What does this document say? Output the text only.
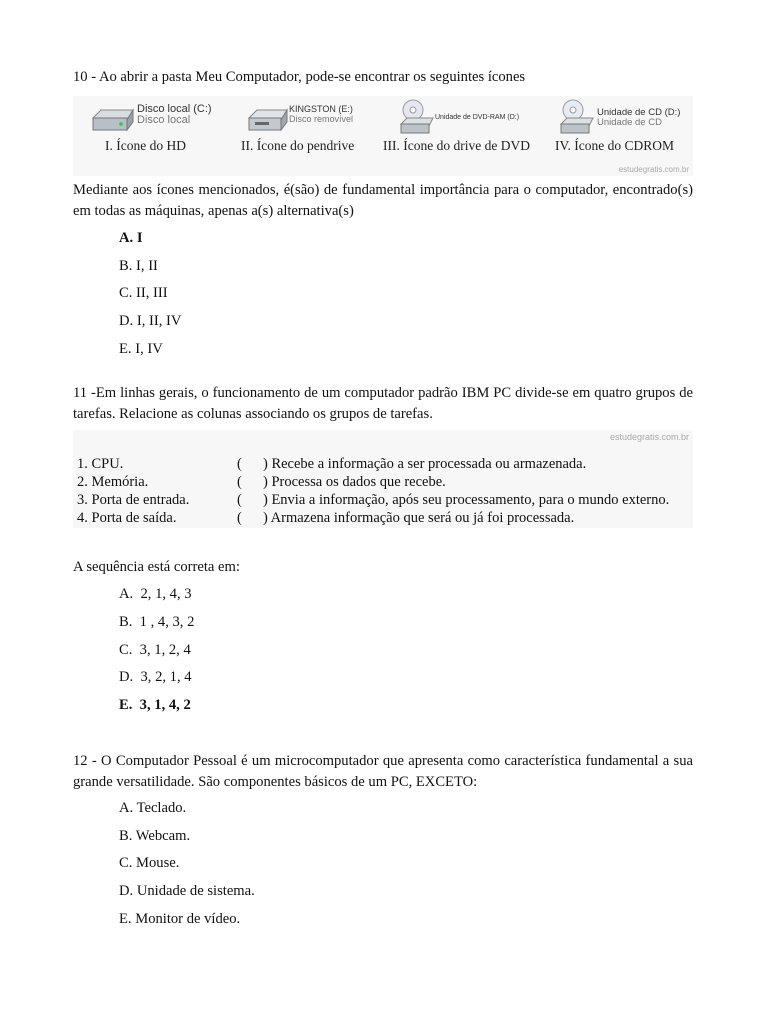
10 - Ao abrir a pasta Meu Computador, pode-se encontrar os seguintes ícones
Disco local (C:)
Disco local
I. Ícone do HD
KINGSTON (E:)
Disco removível
II. Ícone do pendrive
Unidade de DVD-RAM (D:)
III. Ícone do drive de DVD
Unidade de CD (D:)
Unidade de CD
IV. Ícone do CDROM
estudegratis.com.br
Mediante aos ícones mencionados, é(são) de fundamental importância para o computador, encontrado(s) em todas as máquinas, apenas a(s) alternativa(s)
A. I
B. I, II
C. II, III
D. I, II, IV
E. I, IV
11 -Em linhas gerais, o funcionamento de um computador padrão IBM PC divide-se em quatro grupos de tarefas. Relacione as colunas associando os grupos de tarefas.
estudegratis.com.br
1. CPU.	( ) Recebe a informação a ser processada ou armazenada.
2. Memória.	( ) Processa os dados que recebe.
3. Porta de entrada.	( ) Envia a informação, após seu processamento, para o mundo externo.
4. Porta de saída.	( ) Armazena informação que será ou já foi processada.
A sequência está correta em:
A.  2, 1, 4, 3
B.  1 , 4, 3, 2
C.  3, 1, 2, 4
D.  3, 2, 1, 4
E.  3, 1, 4, 2
12 - O Computador Pessoal é um microcomputador que apresenta como característica fundamental a sua grande versatilidade. São componentes básicos de um PC, EXCETO:
A. Teclado.
B. Webcam.
C. Mouse.
D. Unidade de sistema.
E. Monitor de vídeo.
